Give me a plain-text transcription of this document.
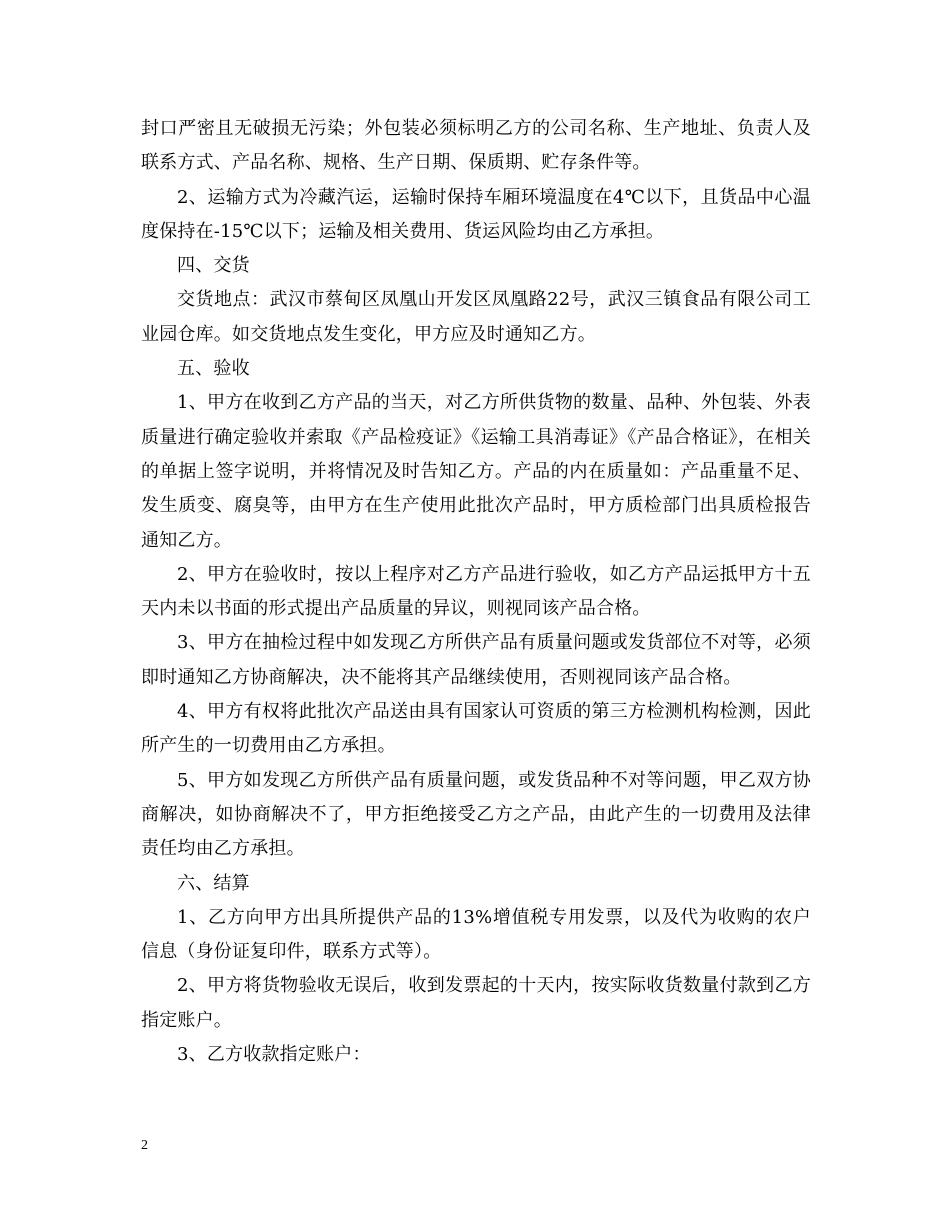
封口严密且无破损无污染；外包装必须标明乙方的公司名称、生产地址、负责人及联系方式、产品名称、规格、生产日期、保质期、贮存条件等。

2、运输方式为冷藏汽运，运输时保持车厢环境温度在4℃以下，且货品中心温度保持在-15℃以下；运输及相关费用、货运风险均由乙方承担。

四、交货

交货地点：武汉市蔡甸区凤凰山开发区凤凰路22号，武汉三镇食品有限公司工业园仓库。如交货地点发生变化，甲方应及时通知乙方。

五、验收

1、甲方在收到乙方产品的当天，对乙方所供货物的数量、品种、外包装、外表质量进行确定验收并索取《产品检疫证》《运输工具消毒证》《产品合格证》，在相关的单据上签字说明，并将情况及时告知乙方。产品的内在质量如：产品重量不足、发生质变、腐臭等，由甲方在生产使用此批次产品时，甲方质检部门出具质检报告通知乙方。

2、甲方在验收时，按以上程序对乙方产品进行验收，如乙方产品运抵甲方十五天内未以书面的形式提出产品质量的异议，则视同该产品合格。

3、甲方在抽检过程中如发现乙方所供产品有质量问题或发货部位不对等，必须即时通知乙方协商解决，决不能将其产品继续使用，否则视同该产品合格。

4、甲方有权将此批次产品送由具有国家认可资质的第三方检测机构检测，因此所产生的一切费用由乙方承担。

5、甲方如发现乙方所供产品有质量问题，或发货品种不对等问题，甲乙双方协商解决，如协商解决不了，甲方拒绝接受乙方之产品，由此产生的一切费用及法律责任均由乙方承担。

六、结算

1、乙方向甲方出具所提供产品的13%增值税专用发票，以及代为收购的农户信息（身份证复印件，联系方式等）。

2、甲方将货物验收无误后，收到发票起的十天内，按实际收货数量付款到乙方指定账户。

3、乙方收款指定账户：

2
